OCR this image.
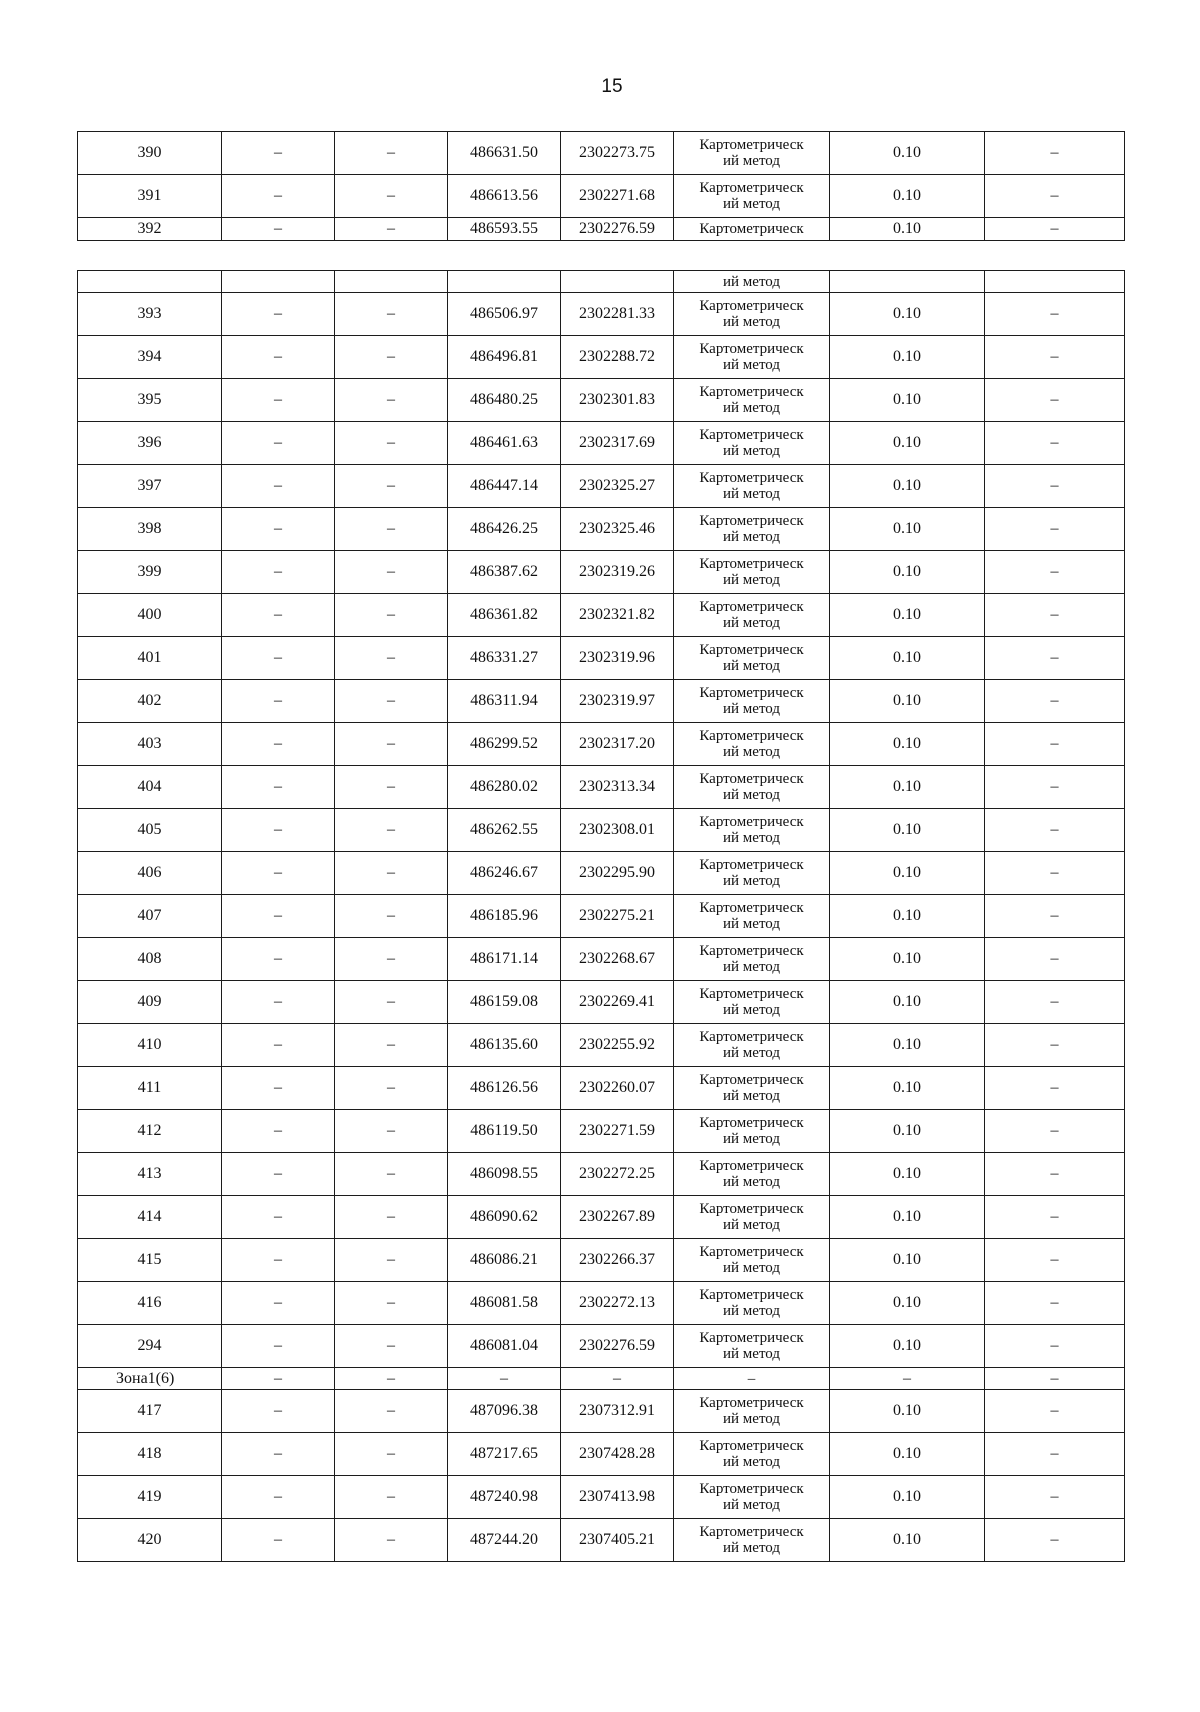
15
390	–	–	486631.50	2302273.75	Картометрическ
ий метод	0.10	–
391	–	–	486613.56	2302271.68	Картометрическ
ий метод	0.10	–
392	–	–	486593.55	2302276.59	Картометрическ	0.10	–
					ий метод		
393	–	–	486506.97	2302281.33	Картометрическ
ий метод	0.10	–
394	–	–	486496.81	2302288.72	Картометрическ
ий метод	0.10	–
395	–	–	486480.25	2302301.83	Картометрическ
ий метод	0.10	–
396	–	–	486461.63	2302317.69	Картометрическ
ий метод	0.10	–
397	–	–	486447.14	2302325.27	Картометрическ
ий метод	0.10	–
398	–	–	486426.25	2302325.46	Картометрическ
ий метод	0.10	–
399	–	–	486387.62	2302319.26	Картометрическ
ий метод	0.10	–
400	–	–	486361.82	2302321.82	Картометрическ
ий метод	0.10	–
401	–	–	486331.27	2302319.96	Картометрическ
ий метод	0.10	–
402	–	–	486311.94	2302319.97	Картометрическ
ий метод	0.10	–
403	–	–	486299.52	2302317.20	Картометрическ
ий метод	0.10	–
404	–	–	486280.02	2302313.34	Картометрическ
ий метод	0.10	–
405	–	–	486262.55	2302308.01	Картометрическ
ий метод	0.10	–
406	–	–	486246.67	2302295.90	Картометрическ
ий метод	0.10	–
407	–	–	486185.96	2302275.21	Картометрическ
ий метод	0.10	–
408	–	–	486171.14	2302268.67	Картометрическ
ий метод	0.10	–
409	–	–	486159.08	2302269.41	Картометрическ
ий метод	0.10	–
410	–	–	486135.60	2302255.92	Картометрическ
ий метод	0.10	–
411	–	–	486126.56	2302260.07	Картометрическ
ий метод	0.10	–
412	–	–	486119.50	2302271.59	Картометрическ
ий метод	0.10	–
413	–	–	486098.55	2302272.25	Картометрическ
ий метод	0.10	–
414	–	–	486090.62	2302267.89	Картометрическ
ий метод	0.10	–
415	–	–	486086.21	2302266.37	Картометрическ
ий метод	0.10	–
416	–	–	486081.58	2302272.13	Картометрическ
ий метод	0.10	–
294	–	–	486081.04	2302276.59	Картометрическ
ий метод	0.10	–
Зона1(6)	–	–	–	–	–	–	–
417	–	–	487096.38	2307312.91	Картометрическ
ий метод	0.10	–
418	–	–	487217.65	2307428.28	Картометрическ
ий метод	0.10	–
419	–	–	487240.98	2307413.98	Картометрическ
ий метод	0.10	–
420	–	–	487244.20	2307405.21	Картометрическ
ий метод	0.10	–
